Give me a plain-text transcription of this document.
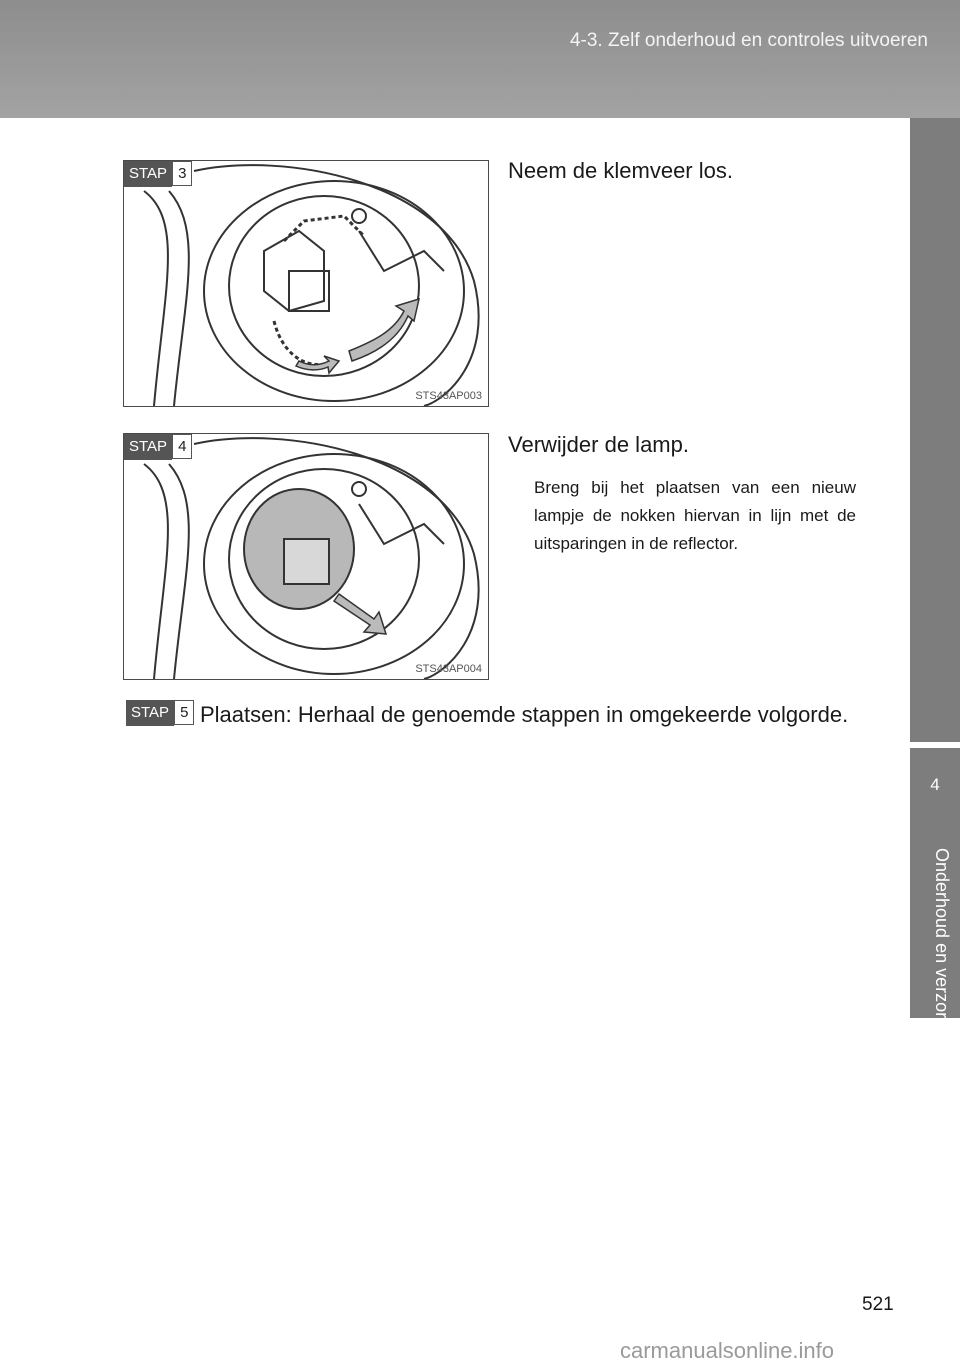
4-3. Zelf onderhoud en controles uitvoeren
4
Onderhoud en verzorging
STAP 3
STS43AP003
Neem de klemveer los.
STAP 4
STS43AP004
Verwijder de lamp.
Breng bij het plaatsen van een nieuw lampje de nokken hiervan in lijn met de uitsparingen in de reflector.
STAP 5 Plaatsen: Herhaal de genoemde stappen in omgekeerde volgorde.
521
carmanualsonline.info
